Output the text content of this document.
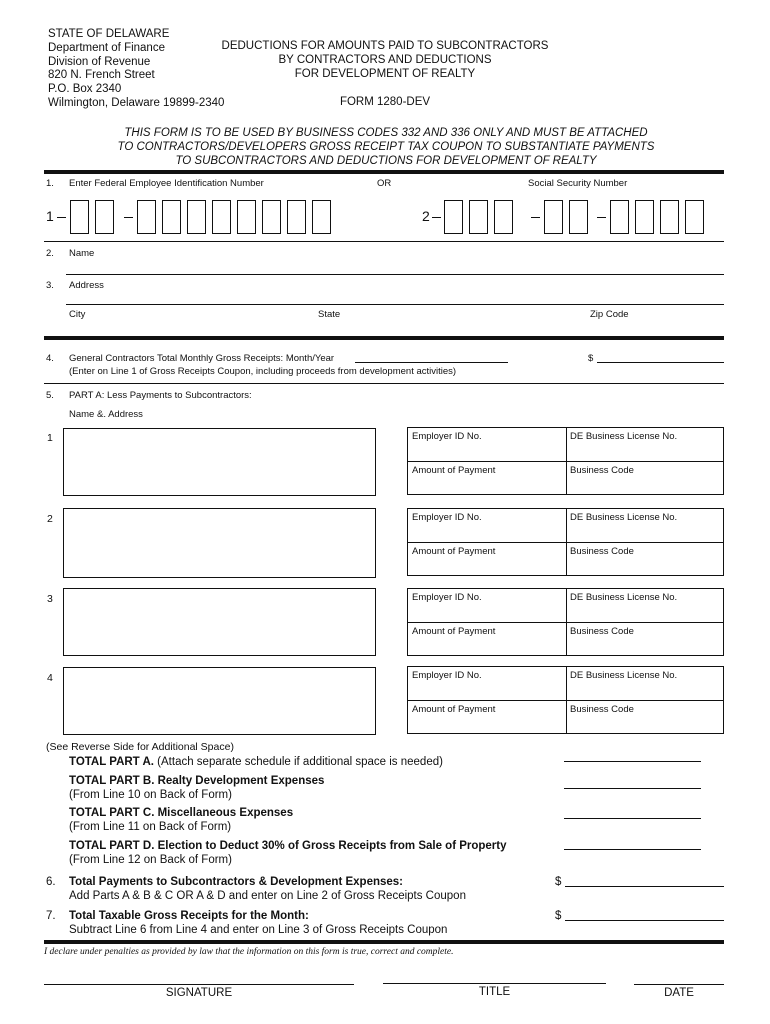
STATE OF DELAWARE
Department of Finance
Division of Revenue
820 N. French Street
P.O. Box 2340
Wilmington, Delaware 19899-2340
DEDUCTIONS FOR AMOUNTS PAID TO SUBCONTRACTORS
BY CONTRACTORS AND DEDUCTIONS
FOR DEVELOPMENT OF REALTY
FORM 1280-DEV
THIS FORM IS TO BE USED BY BUSINESS CODES 332 AND 336 ONLY AND MUST BE ATTACHED
TO CONTRACTORS/DEVELOPERS GROSS RECEIPT TAX COUPON TO SUBSTANTIATE PAYMENTS
TO SUBCONTRACTORS AND DEDUCTIONS FOR DEVELOPMENT OF REALTY
1. Enter Federal Employee Identification Number	OR	Social Security Number
1	2
2. Name
3. Address
City	State	Zip Code
4. General Contractors Total Monthly Gross Receipts: Month/Year	$
(Enter on Line 1 of Gross Receipts Coupon, including proceeds from development activities)
5. PART A: Less Payments to Subcontractors:
Name &. Address
1	Employer ID No.	DE Business License No.
Amount of Payment	Business Code
2	Employer ID No.	DE Business License No.
Amount of Payment	Business Code
3	Employer ID No.	DE Business License No.
Amount of Payment	Business Code
4	Employer ID No.	DE Business License No.
Amount of Payment	Business Code
(See Reverse Side for Additional Space)
TOTAL PART A. (Attach separate schedule if additional space is needed)
TOTAL PART B. Realty Development Expenses
(From Line 10 on Back of Form)
TOTAL PART C. Miscellaneous Expenses
(From Line 11 on Back of Form)
TOTAL PART D. Election to Deduct 30% of Gross Receipts from Sale of Property
(From Line 12 on Back of Form)
6. Total Payments to Subcontractors & Development Expenses:
Add Parts A & B & C OR A & D and enter on Line 2 of Gross Receipts Coupon
$
7. Total Taxable Gross Receipts for the Month:
Subtract Line 6 from Line 4 and enter on Line 3 of Gross Receipts Coupon
$
I declare under penalties as provided by law that the information on this form is true, correct and complete.
SIGNATURE	TITLE	DATE
